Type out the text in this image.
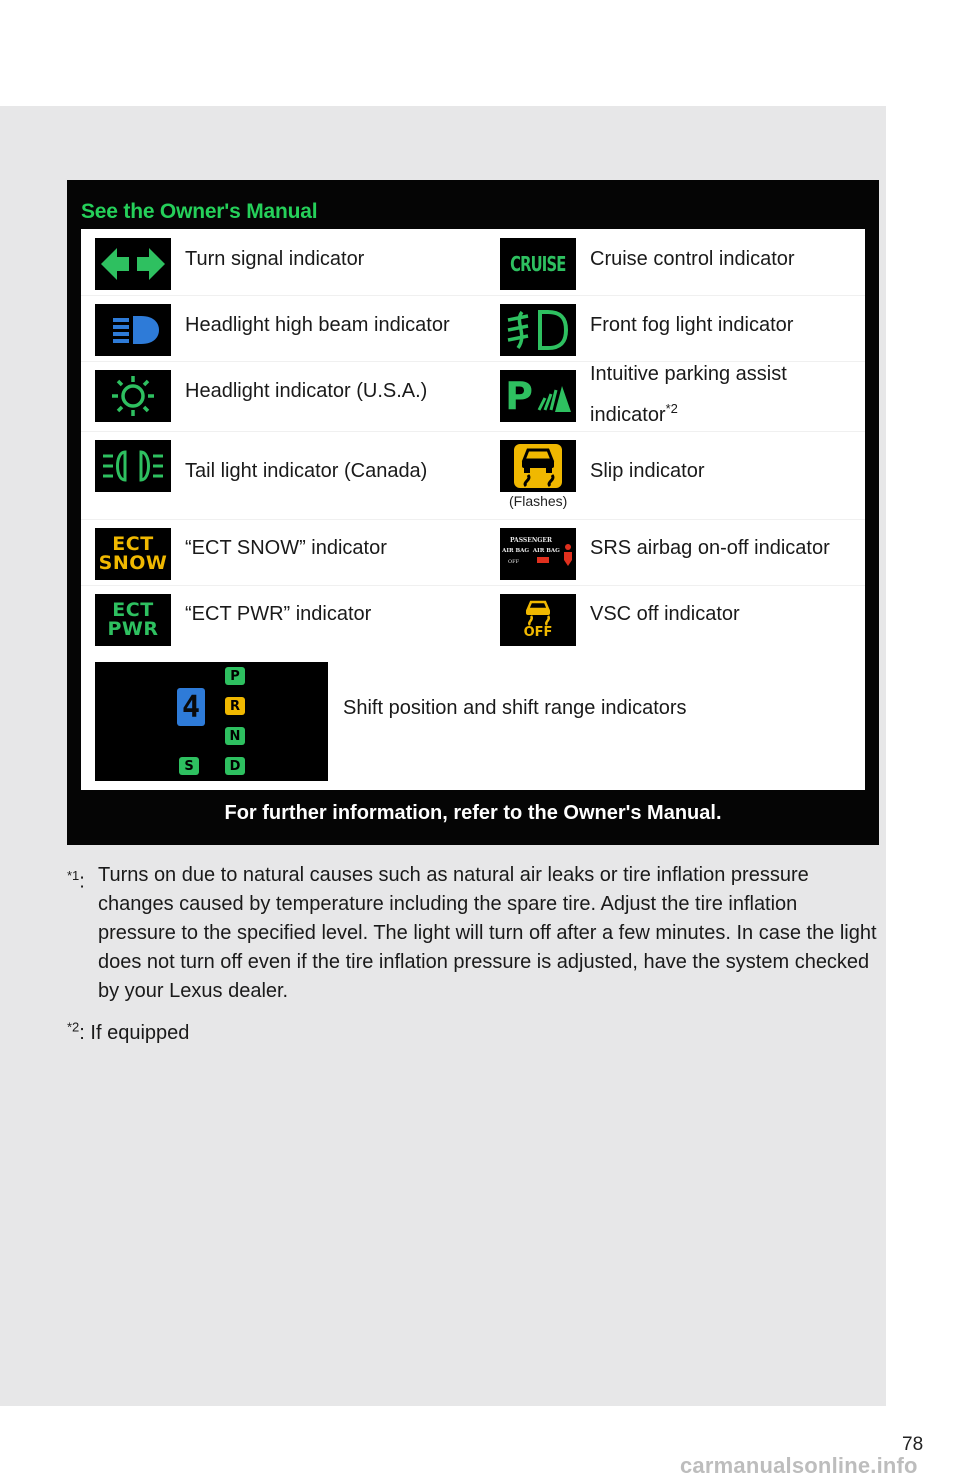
See the Owner's Manual
Turn signal indicator
Headlight high beam indicator
Headlight indicator (U.S.A.)
Tail light indicator (Canada)
ECT
SNOW
“ECT SNOW” indicator
ECT
PWR
“ECT PWR” indicator
CRUISE Cruise control indicator
Front fog light indicator
P	Intuitive parking assist
indicator$^{*2}$
(Flashes)
Slip indicator
PASSENGER
AIR BAG  AIR BAG
OFF
SRS airbag on-off indicator
OFF
VSC off indicator
4
P
R
N
D
S
Shift position and shift range indicators
For further information, refer to the Owner's Manual.
$^{*1}$: Turns on due to natural causes such as natural air leaks or tire inflation pressure changes caused by temperature including the spare tire. Adjust the tire inflation pressure to the specified level. The light will turn off after a few minutes. In case the light does not turn off even if the tire inflation pressure is adjusted, have the system checked by your Lexus dealer.
$^{*2}$: If equipped
78
carmanualsonline.info
